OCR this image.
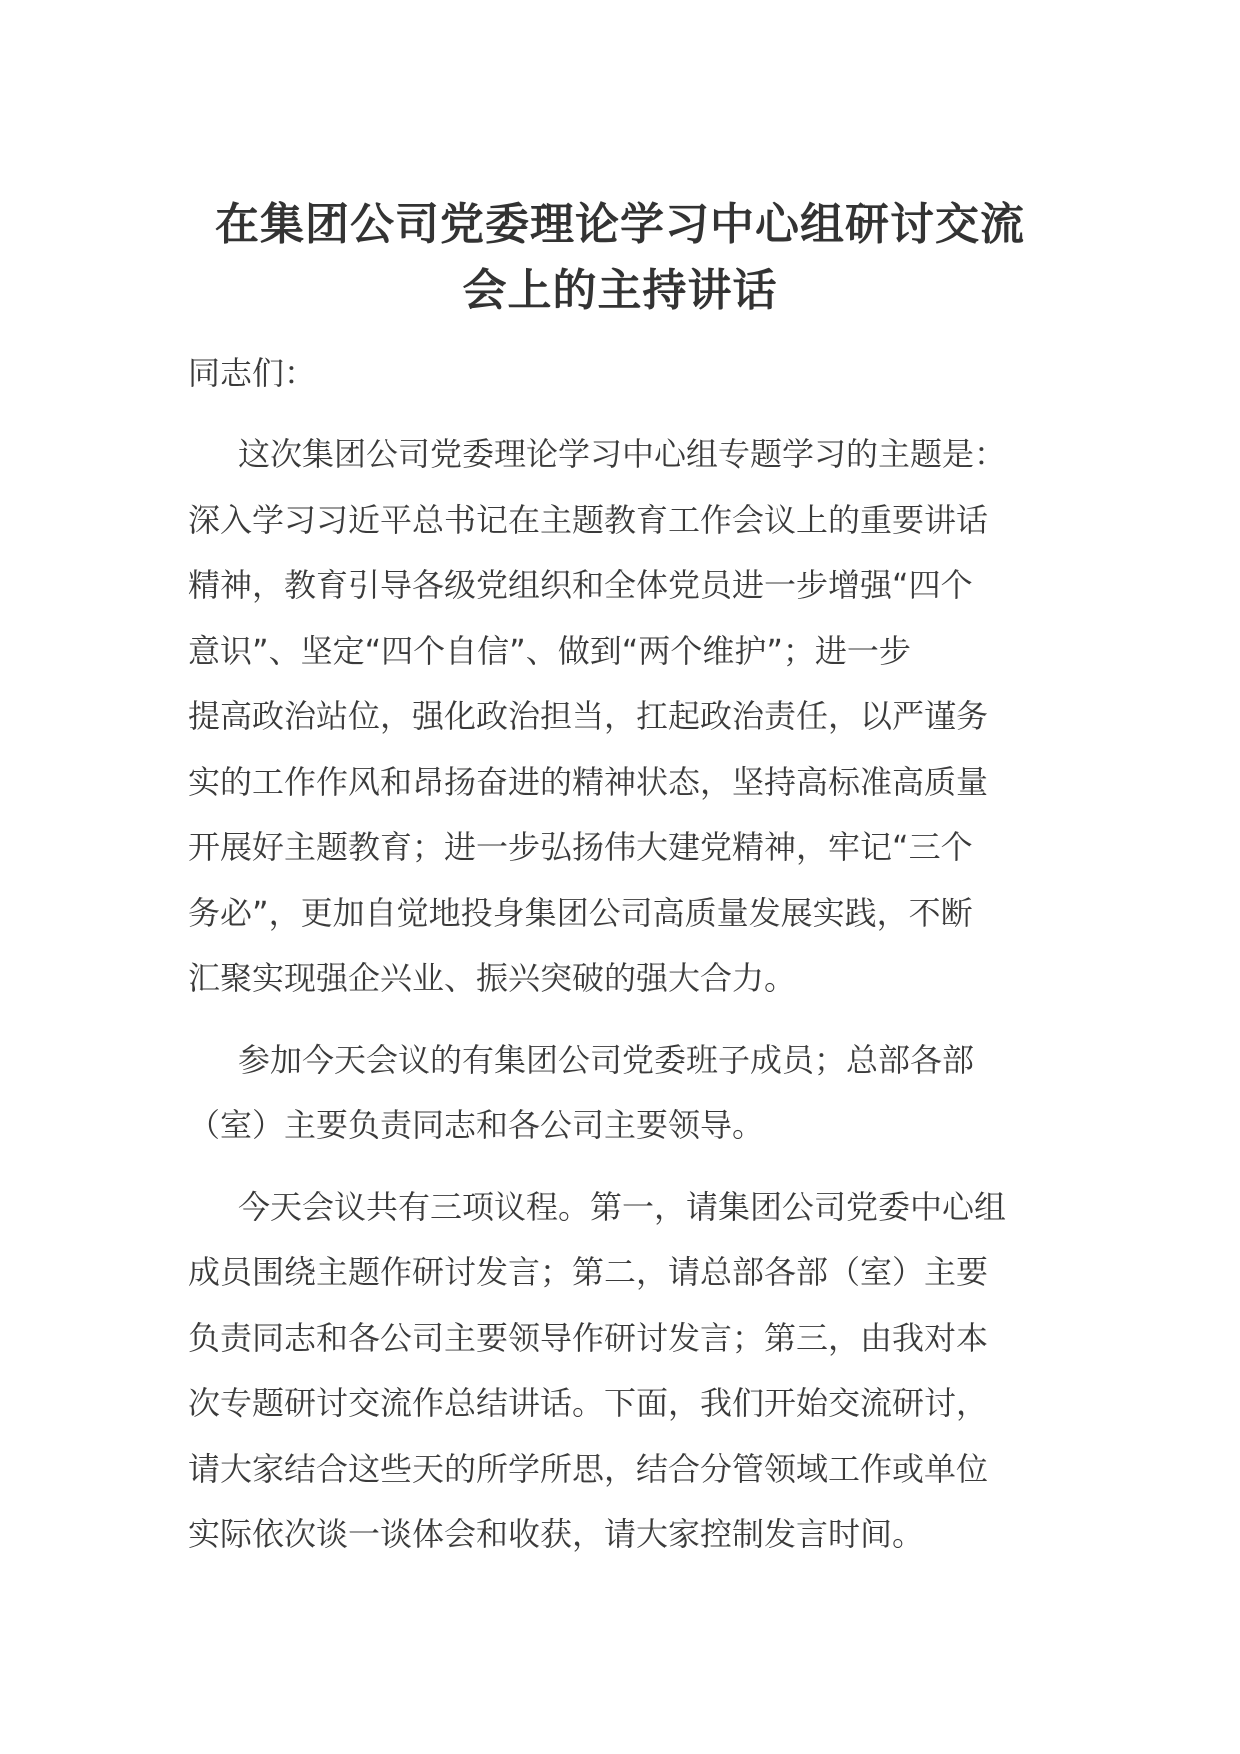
在集团公司党委理论学习中心组研讨交流
会上的主持讲话

同志们：

这次集团公司党委理论学习中心组专题学习的主题是：
深入学习习近平总书记在主题教育工作会议上的重要讲话
精神，教育引导各级党组织和全体党员进一步增强“四个
意识”、坚定“四个自信”、做到“两个维护”；进一步
提高政治站位，强化政治担当，扛起政治责任，以严谨务
实的工作作风和昂扬奋进的精神状态，坚持高标准高质量
开展好主题教育；进一步弘扬伟大建党精神，牢记“三个
务必”，更加自觉地投身集团公司高质量发展实践，不断
汇聚实现强企兴业、振兴突破的强大合力。

参加今天会议的有集团公司党委班子成员；总部各部
（室）主要负责同志和各公司主要领导。

今天会议共有三项议程。第一，请集团公司党委中心组
成员围绕主题作研讨发言；第二，请总部各部（室）主要
负责同志和各公司主要领导作研讨发言；第三，由我对本
次专题研讨交流作总结讲话。下面，我们开始交流研讨，
请大家结合这些天的所学所思，结合分管领域工作或单位
实际依次谈一谈体会和收获，请大家控制发言时间。
